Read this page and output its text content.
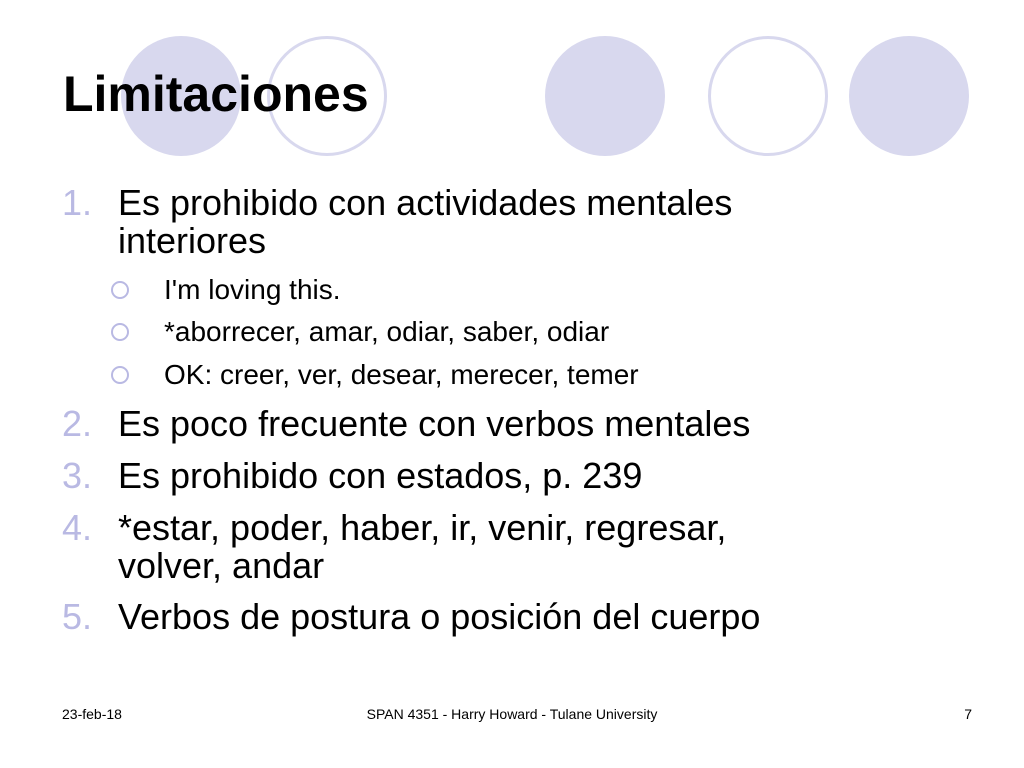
Limitaciones
1. Es prohibido con actividades mentales
interiores
I'm loving this.
*aborrecer, amar, odiar, saber, odiar
OK: creer, ver, desear, merecer, temer
2. Es poco frecuente con verbos mentales
3. Es prohibido con estados, p. 239
4. *estar, poder, haber, ir, venir, regresar,
volver, andar
5. Verbos de postura o posición del cuerpo
23-feb-18	SPAN 4351 - Harry Howard - Tulane University	7
